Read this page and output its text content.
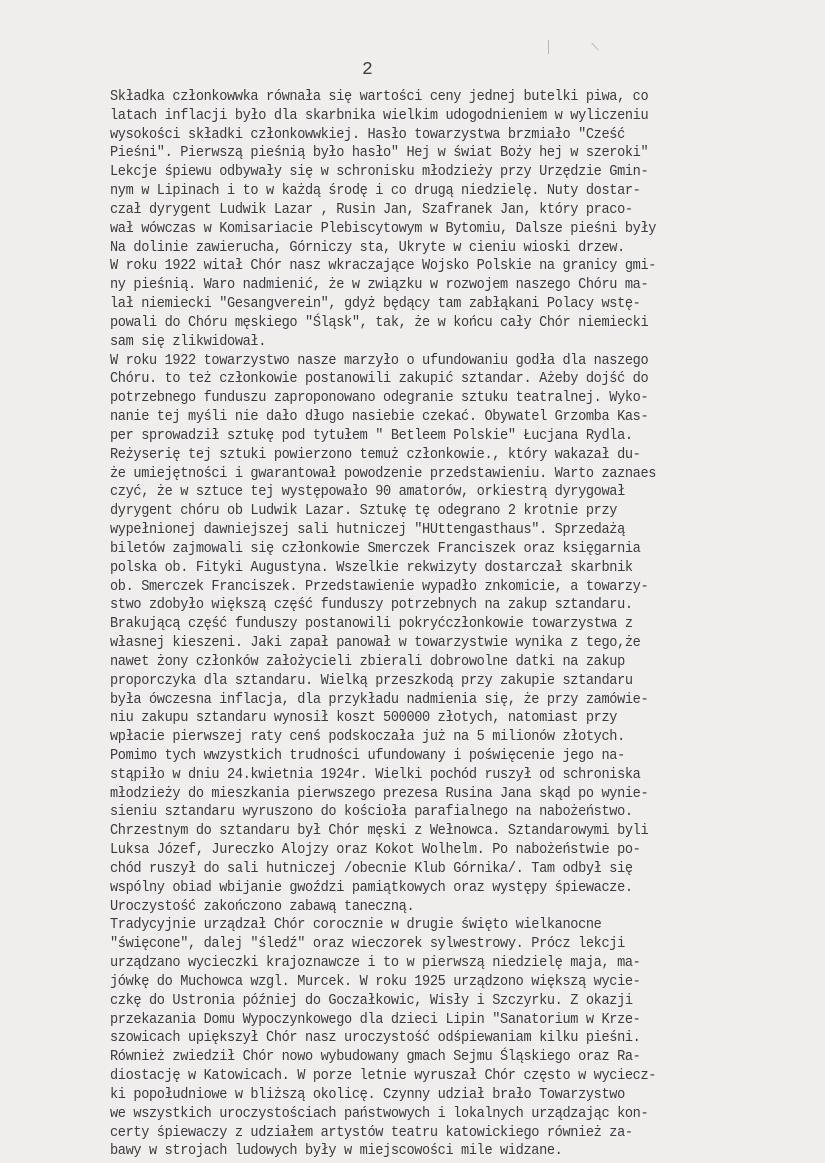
2
Składka członkowwka równała się wartości ceny jednej butelki piwa, co
latach inflacji było dla skarbnika wielkim udogodnieniem w wyliczeniu
wysokości składki członkowwkiej. Hasło towarzystwa brzmiało "Cześć
Pieśni". Pierwszą pieśnią było hasło" Hej w świat Boży hej w szeroki"
Lekcje śpiewu odbywały się w schronisku młodzieży przy Urzędzie Gmin-
nym w Lipinach i to w każdą środę i co drugą niedzielę. Nuty dostar-
czał dyrygent Ludwik Lazar , Rusin Jan, Szafranek Jan, który praco-
wał wówczas w Komisariacie Plebiscytowym w Bytomiu, Dalsze pieśni były
Na dolinie zawierucha, Górniczy sta, Ukryte w cieniu wioski drzew.
W roku 1922 witał Chór nasz wkraczające Wojsko Polskie na granicy gmi-
ny pieśnią. Waro nadmienić, że w związku w rozwojem naszego Chóru ma-
lał niemiecki "Gesangverein", gdyż będący tam zabłąkani Polacy wstę-
powali do Chóru męskiego "Śląsk", tak, że w końcu cały Chór niemiecki
sam się zlikwidował.
W roku 1922 towarzystwo nasze marzyło o ufundowaniu godła dla naszego
Chóru. to też członkowie postanowili zakupić sztandar. Ażeby dojść do
potrzebnego funduszu zaproponowano odegranie sztuku teatralnej. Wyko-
nanie tej myśli nie dało długo nasiebie czekać. Obywatel Grzomba Kas-
per sprowadził sztukę pod tytułem " Betleem Polskie" Łucjana Rydla.
Reżyserię tej sztuki powierzono temuż członkowie., który wakazał du-
że umiejętności i gwarantował powodzenie przedstawieniu. Warto zaznaes
czyć, że w sztuce tej występowało 90 amatorów, orkiestrą dyrygował
dyrygent chóru ob Ludwik Lazar. Sztukę tę odegrano 2 krotnie przy
wypełnionej dawniejszej sali hutniczej "HUttengasthaus". Sprzedażą
biletów zajmowali się członkowie Smerczek Franciszek oraz księgarnia
polska ob. Fityki Augustyna. Wszelkie rekwizyty dostarczał skarbnik
ob. Smerczek Franciszek. Przedstawienie wypadło znkomicie, a towarzy-
stwo zdobyło większą część funduszy potrzebnych na zakup sztandaru.
Brakującą część funduszy postanowili pokryćczłonkowie towarzystwa z
własnej kieszeni. Jaki zapał panował w towarzystwie wynika z tego,że
nawet żony członków założycieli zbierali dobrowolne datki na zakup
proporczyka dla sztandaru. Wielką przeszkodą przy zakupie sztandaru
była ówczesna inflacja, dla przykładu nadmienia się, że przy zamówie-
niu zakupu sztandaru wynosił koszt 500000 złotych, natomiast przy
wpłacie pierwszej raty cenś podskoczała już na 5 milionów złotych.
Pomimo tych wwzystkich trudności ufundowany i poświęcenie jego na-
stąpiło w dniu 24.kwietnia 1924r. Wielki pochód ruszył od schroniska
młodzieży do mieszkania pierwszego prezesa Rusina Jana skąd po wynie-
sieniu sztandaru wyruszono do kościoła parafialnego na nabożeństwo.
Chrzestnym do sztandaru był Chór męski z Wełnowca. Sztandarowymi byli
Luksa Józef, Jureczko Alojzy oraz Kokot Wolhelm. Po nabożeństwie po-
chód ruszył do sali hutniczej /obecnie Klub Górnika/. Tam odbył się
wspólny obiad wbijanie gwoździ pamiątkowych oraz występy śpiewacze.
Uroczystość zakończono zabawą taneczną.
Tradycyjnie urządzał Chór corocznie w drugie święto wielkanocne
"święcone", dalej "śledź" oraz wieczorek sylwestrowy. Prócz lekcji
urządzano wycieczki krajoznawcze i to w pierwszą niedzielę maja, ma-
jówkę do Muchowca wzgl. Murcek. W roku 1925 urządzono większą wycie-
czkę do Ustronia później do Goczałkowic, Wisły i Szczyrku. Z okazji
przekazania Domu Wypoczynkowego dla dzieci Lipin "Sanatorium w Krze-
szowicach upiększył Chór nasz uroczystość odśpiewaniam kilku pieśni.
Również zwiedził Chór nowo wybudowany gmach Sejmu Śląskiego oraz Ra-
diostację w Katowicach. W porze letnie wyruszał Chór często w wyciecz-
ki popołudniowe w bliższą okolicę. Czynny udział brało Towarzystwo
we wszystkich uroczystościach państwowych i lokalnych urządzając kon-
certy śpiewaczy z udziałem artystów teatru katowickiego również za-
bawy w strojach ludowych były w miejscowości mile widzane.
